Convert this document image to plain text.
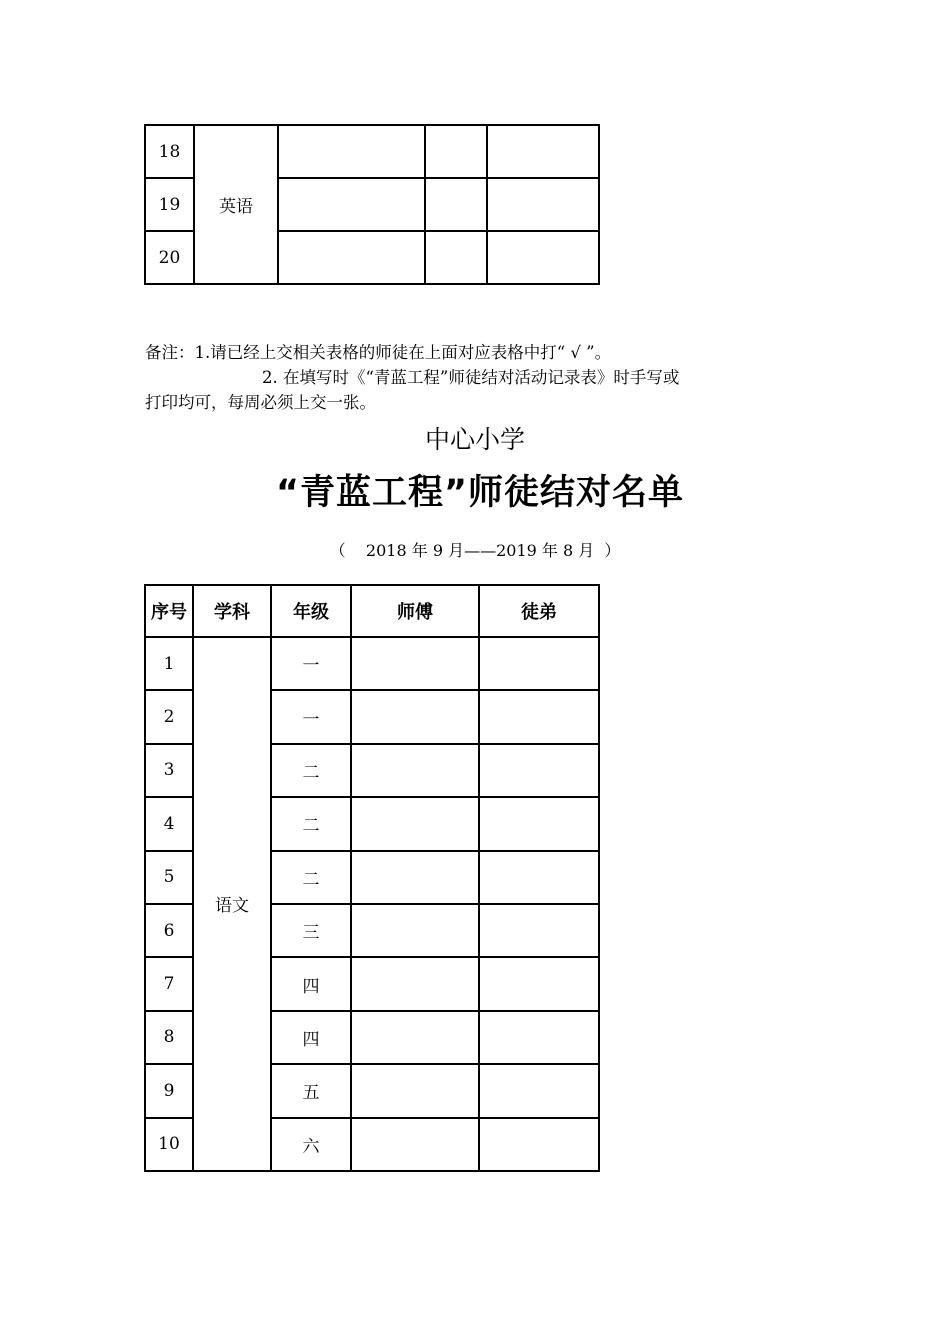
18	英语			
19				
20				
备注：1.请已经上交相关表格的师徒在上面对应表格中打“ √ ”。
2. 在填写时《“青蓝工程”师徒结对活动记录表》时手写或
打印均可，每周必须上交一张。
中心小学
“青蓝工程”师徒结对名单
（    2018 年 9 月——2019 年 8 月  ）
序号	学科	年级	师傅	徒弟
1	语文	一		
2		一		
3		二		
4		二		
5		二		
6		三		
7		四		
8		四		
9		五		
10		六		
